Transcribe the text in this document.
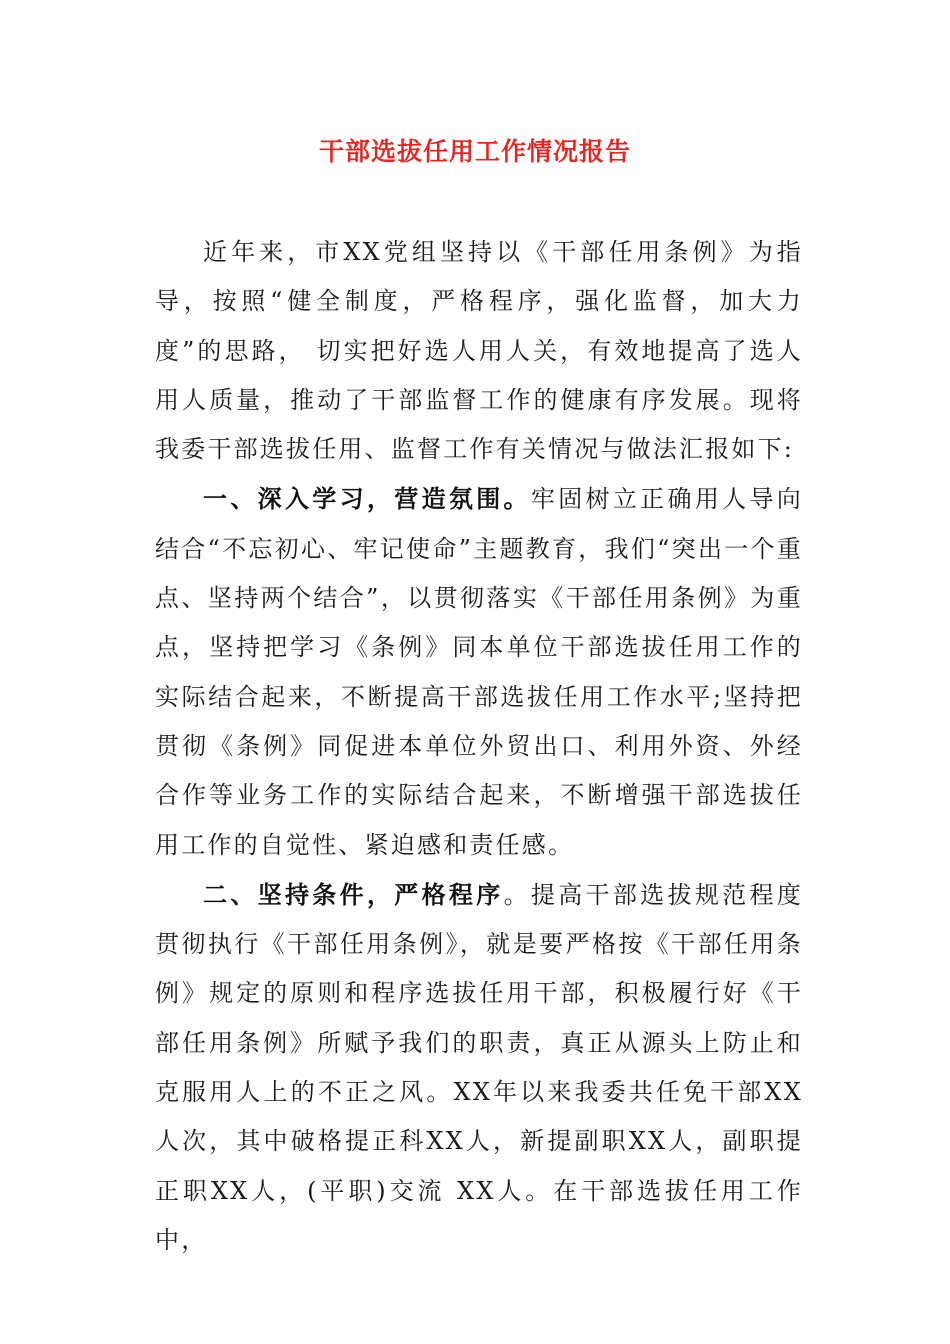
干部选拔任用工作情况报告

近年来，市XX党组坚持以《干部任用条例》为指导，按照“健全制度，严格程序，强化监督，加大力度”的思路， 切实把好选人用人关，有效地提高了选人用人质量，推动了干部监督工作的健康有序发展。现将我委干部选拔任用、监督工作有关情况与做法汇报如下:

一、深入学习，营造氛围。牢固树立正确用人导向结合“不忘初心、牢记使命”主题教育，我们“突出一个重点、坚持两个结合”，以贯彻落实《干部任用条例》为重点，坚持把学习《条例》同本单位干部选拔任用工作的实际结合起来，不断提高干部选拔任用工作水平;坚持把贯彻《条例》同促进本单位外贸出口、利用外资、外经合作等业务工作的实际结合起来，不断增强干部选拔任用工作的自觉性、紧迫感和责任感。

二、坚持条件，严格程序。提高干部选拔规范程度贯彻执行《干部任用条例》，就是要严格按《干部任用条例》规定的原则和程序选拔任用干部，积极履行好《干部任用条例》所赋予我们的职责，真正从源头上防止和克服用人上的不正之风。XX年以来我委共任免干部XX人次，其中破格提正科XX人，新提副职XX人，副职提正职XX人，(平职)交流 XX人。在干部选拔任用工作中，
